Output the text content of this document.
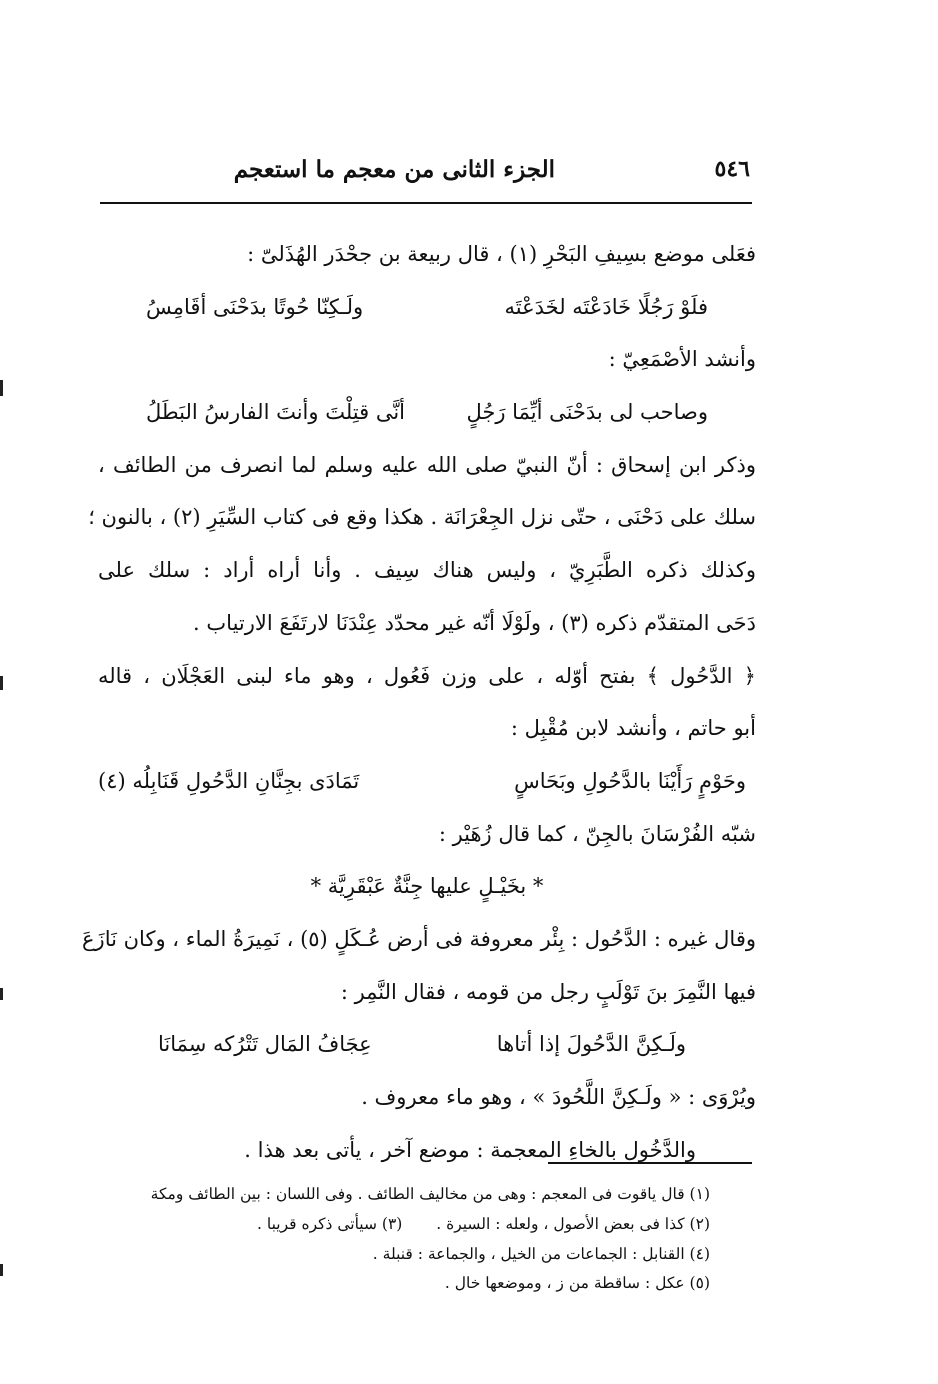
٥٤٦
الجزء الثانى من معجم ما استعجم
فعَلى موضع بسِيفِ البَحْرِ (١) ، قال ربيعة بن جحْدَر الهُذَلىّ :
فلَوْ رَجُلًا خَادَعْتَه لخَدَعْتَه
ولَـكِنّا حُوتًا بدَحْنَى أقَامِسُ
وأنشد الأصْمَعِيّ :
وصاحب لى بدَحْنَى أيِّمَا رَجُلٍ
أنَّى قتِلْتَ وأنتَ الفارسُ البَطَلُ
وذكر ابن إسحاق : أنّ النبيّ صلى الله عليه وسلم لما انصرف من الطائف ،
سلك على دَحْنَى ، حتّى نزل الجِعْرَانَة . هكذا وقع فى كتاب السِّيَرِ (٢) ، بالنون ؛
وكذلك ذكره الطَّبَرِيّ ، وليس هناك سِيف . وأنا أراه أراد : سلك على
دَحَى المتقدّم ذكره (٣) ، ولَوْلَا أنّه غير محدّد عِنْدَنَا لارتَفَعَ الارتياب .
﴿ الدَّحُول ﴾ بفتح أوّله ، على وزن فَعُول ، وهو ماء لبنى العَجْلَان ، قاله
أبو حاتم ، وأنشد لابن مُقْبِل :
وحَوْمٍ رَأَيْنَا بالدَّحُولِ وبَحَاسٍ
تَمَادَى بجِنَّانِ الدَّحُولِ قَنَابِلُه (٤)
شبّه الفُرْسَانَ بالجِنّ ، كما قال زُهَيْر :
* بخَيْـلٍ عليها جِنَّةٌ عَبْقَرِيَّة *
وقال غيره : الدَّحُول : بِئْر معروفة فى أرض عُـكَلٍ (٥) ، نَمِيرَةُ الماء ، وكان نَازَعَ
فيها النَّمِرَ بنَ تَوْلَبٍ رجل من قومه ، فقال النَّمِر :
ولَـكِنَّ الدَّحُولَ إذا أتاها
عِجَافُ المَال تَتْرُكه سِمَانَا
ويُرْوَى : « ولَـكِنَّ اللَّحُودَ » ، وهو ماء معروف .
والدَّخُول بالخاءِ المعجمة : موضع آخر ، يأتى بعد هذا .
(١) قال ياقوت فى المعجم : وهى من مخاليف الطائف . وفى اللسان : بين الطائف ومكة
(٢) كذا فى بعض الأصول ، ولعله : السيرة .  (٣) سيأتى ذكره قريبا .
(٤) القنابل : الجماعات من الخيل ، والجماعة : قنبلة .
(٥) عكل : ساقطة من ز ، وموضعها خال .
